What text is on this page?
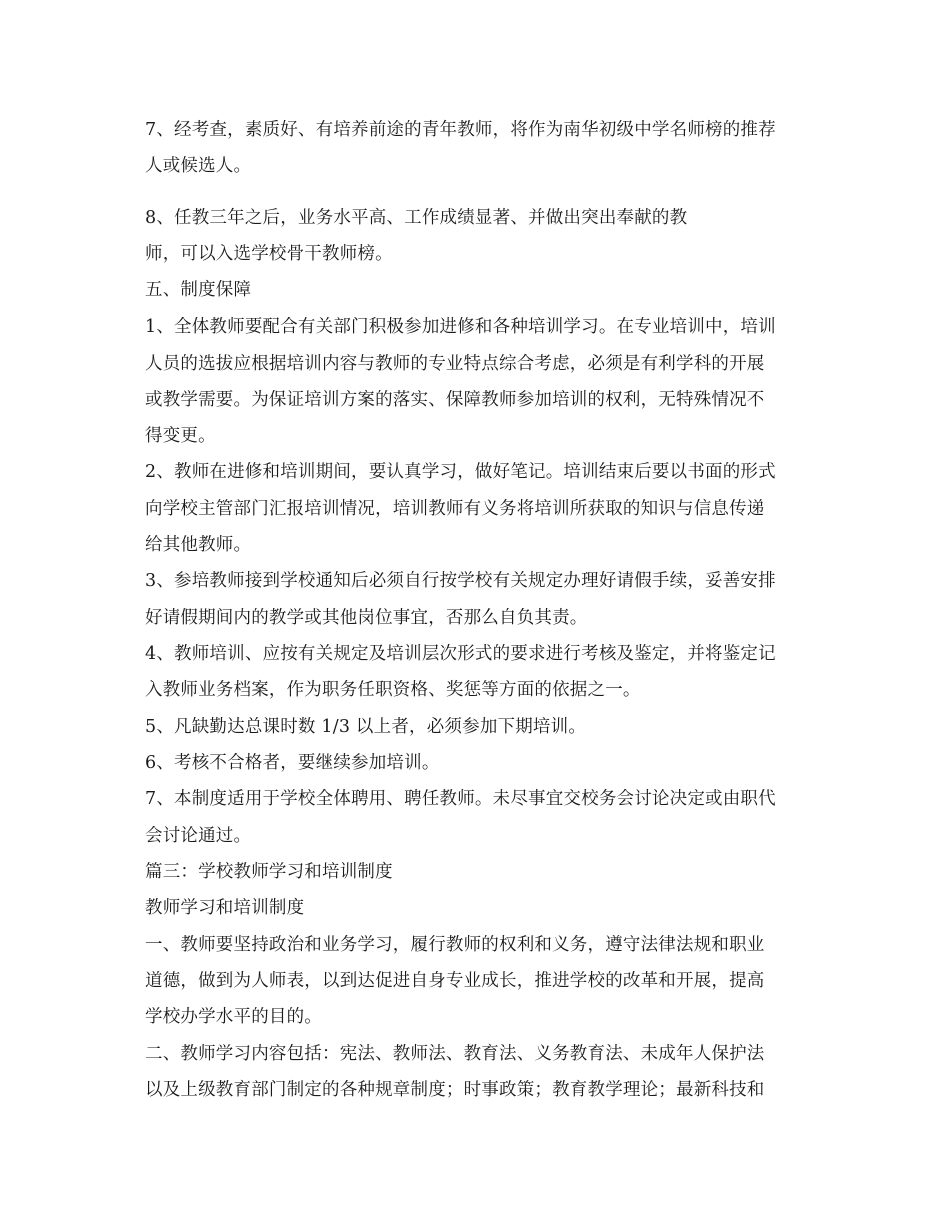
7、经考查，素质好、有培养前途的青年教师，将作为南华初级中学名师榜的推荐
人或候选人。
8、任教三年之后，业务水平高、工作成绩显著、并做出突出奉献的教
师，可以入选学校骨干教师榜。
五、制度保障
1、全体教师要配合有关部门积极参加进修和各种培训学习。在专业培训中，培训
人员的选拔应根据培训内容与教师的专业特点综合考虑，必须是有利学科的开展
或教学需要。为保证培训方案的落实、保障教师参加培训的权利，无特殊情况不
得变更。
2、教师在进修和培训期间，要认真学习，做好笔记。培训结束后要以书面的形式
向学校主管部门汇报培训情况，培训教师有义务将培训所获取的知识与信息传递
给其他教师。
3、参培教师接到学校通知后必须自行按学校有关规定办理好请假手续，妥善安排
好请假期间内的教学或其他岗位事宜，否那么自负其责。
4、教师培训、应按有关规定及培训层次形式的要求进行考核及鉴定，并将鉴定记
入教师业务档案，作为职务任职资格、奖惩等方面的依据之一。
5、凡缺勤达总课时数 1/3 以上者，必须参加下期培训。
6、考核不合格者，要继续参加培训。
7、本制度适用于学校全体聘用、聘任教师。未尽事宜交校务会讨论决定或由职代
会讨论通过。
篇三：学校教师学习和培训制度
教师学习和培训制度
一、教师要坚持政治和业务学习，履行教师的权利和义务，遵守法律法规和职业
道德，做到为人师表，以到达促进自身专业成长，推进学校的改革和开展，提高
学校办学水平的目的。
二、教师学习内容包括：宪法、教师法、教育法、义务教育法、未成年人保护法
以及上级教育部门制定的各种规章制度；时事政策；教育教学理论；最新科技和
